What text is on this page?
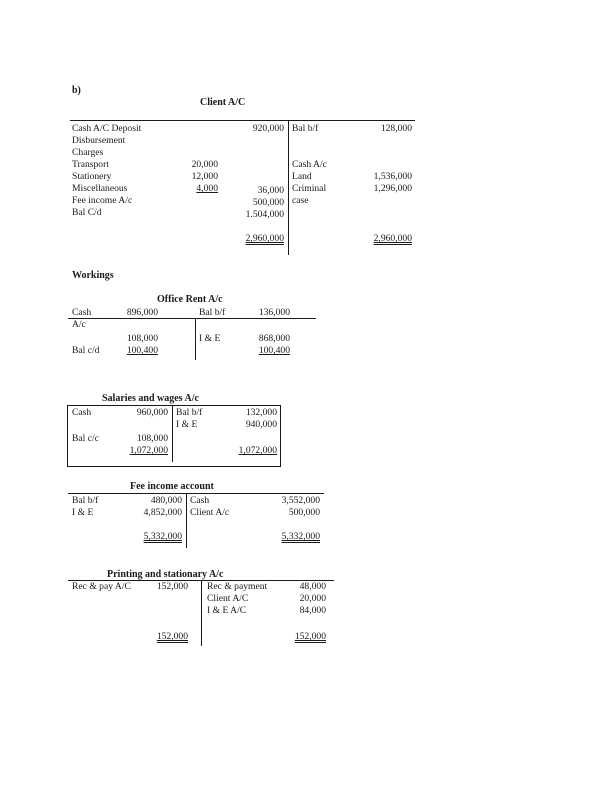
b)
Client A/C
Cash A/C Deposit
Disbursement
Charges
Transport
Stationery
Miscellaneous
Fee income A/c
Bal C/d
20,000
12,000
4,000
920,000
36,000
500,000
1.504,000
2,960,000
Bal b/f
Cash A/c
Land
Criminal
case
128,000
1,536,000
1,296,000
2,960,000
Workings
Office Rent A/c
Cash
A/c
Bal c/d
896,000
108,000
100,400
Bal b/f
I & E
136,000
868,000
100,400
Salaries and wages A/c
Cash
Bal c/c
960,000
108,000
1,072,000
Bal b/f
I & E
132,000
940,000
1,072,000
Fee income account
Bal b/f
I & E
480,000
4,852,000
5,332,000
Cash
Client A/c
3,552,000
500,000
5,332,000
Printing and stationary A/c
Rec & pay A/C	152,000
152,000
Rec & payment
Client A/C
I & E A/C
48,000
20,000
84,000
152,000
